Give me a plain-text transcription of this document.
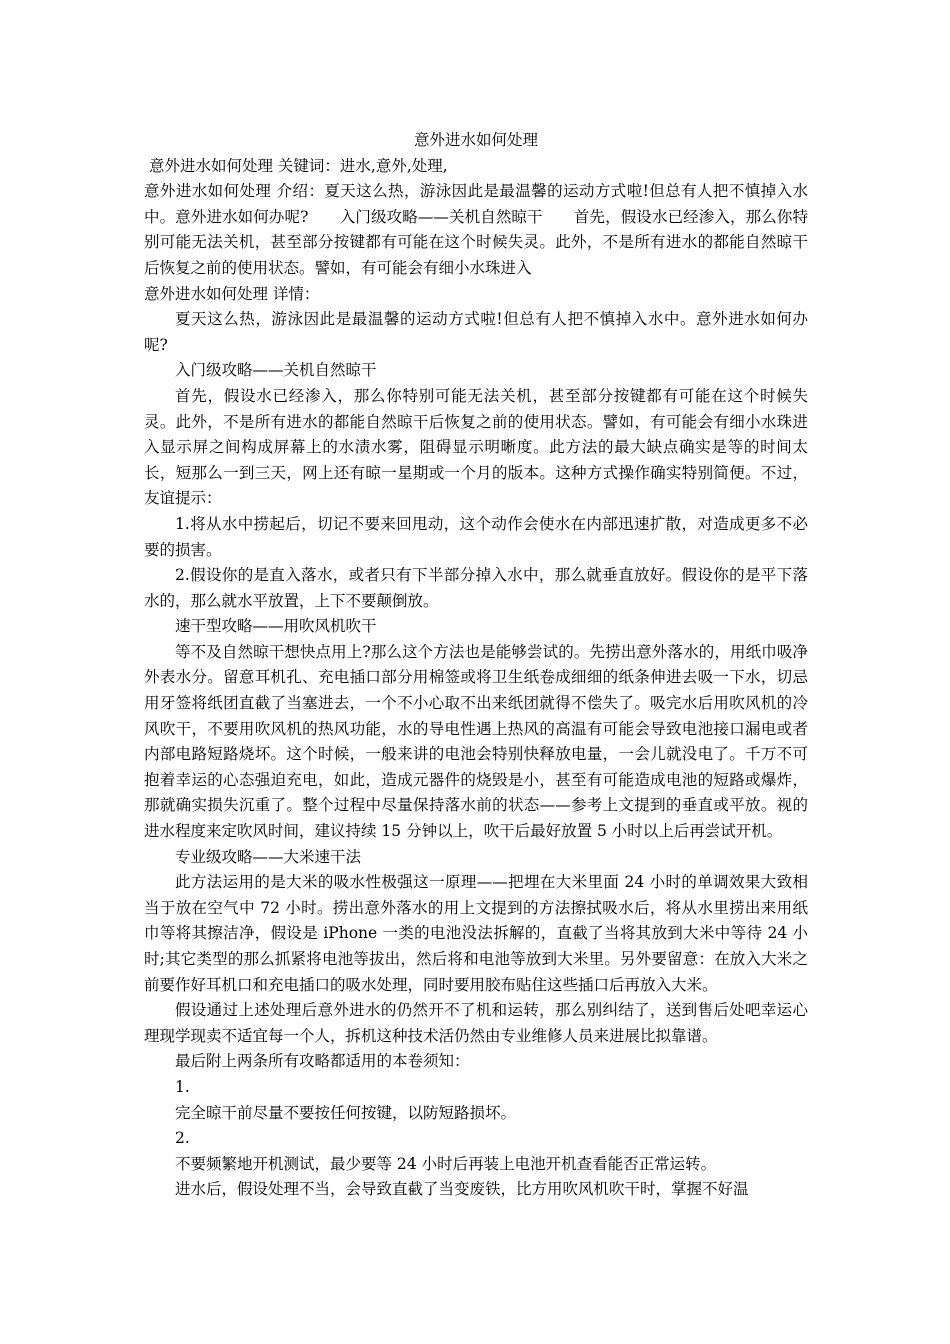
意外进水如何处理

意外进水如何处理 关键词：进水,意外,处理,

意外进水如何处理 介绍：夏天这么热，游泳因此是最温馨的运动方式啦!但总有人把不慎掉入水中。意外进水如何办呢?　　入门级攻略——关机自然晾干　　首先，假设水已经渗入，那么你特别可能无法关机，甚至部分按键都有可能在这个时候失灵。此外，不是所有进水的都能自然晾干后恢复之前的使用状态。譬如，有可能会有细小水珠进入

意外进水如何处理 详情：

夏天这么热，游泳因此是最温馨的运动方式啦!但总有人把不慎掉入水中。意外进水如何办呢?

入门级攻略——关机自然晾干

首先，假设水已经渗入，那么你特别可能无法关机，甚至部分按键都有可能在这个时候失灵。此外，不是所有进水的都能自然晾干后恢复之前的使用状态。譬如，有可能会有细小水珠进入显示屏之间构成屏幕上的水渍水雾，阻碍显示明晰度。此方法的最大缺点确实是等的时间太长，短那么一到三天，网上还有晾一星期或一个月的版本。这种方式操作确实特别简便。不过，友谊提示：

1.将从水中捞起后，切记不要来回甩动，这个动作会使水在内部迅速扩散，对造成更多不必要的损害。

2.假设你的是直入落水，或者只有下半部分掉入水中，那么就垂直放好。假设你的是平下落水的，那么就水平放置，上下不要颠倒放。

速干型攻略——用吹风机吹干

等不及自然晾干想快点用上?那么这个方法也是能够尝试的。先捞出意外落水的，用纸巾吸净外表水分。留意耳机孔、充电插口部分用棉签或将卫生纸卷成细细的纸条伸进去吸一下水，切忌用牙签将纸团直截了当塞进去，一个不小心取不出来纸团就得不偿失了。吸完水后用吹风机的冷风吹干，不要用吹风机的热风功能，水的导电性遇上热风的高温有可能会导致电池接口漏电或者内部电路短路烧坏。这个时候，一般来讲的电池会特别快释放电量，一会儿就没电了。千万不可抱着幸运的心态强迫充电，如此，造成元器件的烧毁是小，甚至有可能造成电池的短路或爆炸，那就确实损失沉重了。整个过程中尽量保持落水前的状态——参考上文提到的垂直或平放。视的进水程度来定吹风时间，建议持续 15 分钟以上，吹干后最好放置 5 小时以上后再尝试开机。

专业级攻略——大米速干法

此方法运用的是大米的吸水性极强这一原理——把埋在大米里面 24 小时的单调效果大致相当于放在空气中 72 小时。捞出意外落水的用上文提到的方法擦拭吸水后，将从水里捞出来用纸巾等将其擦洁净，假设是 iPhone 一类的电池没法拆解的，直截了当将其放到大米中等待 24 小时;其它类型的那么抓紧将电池等拔出，然后将和电池等放到大米里。另外要留意：在放入大米之前要作好耳机口和充电插口的吸水处理，同时要用胶布贴住这些插口后再放入大米。

假设通过上述处理后意外进水的仍然开不了机和运转，那么别纠结了，送到售后处吧幸运心理现学现卖不适宜每一个人，拆机这种技术活仍然由专业维修人员来进展比拟靠谱。

最后附上两条所有攻略都适用的本卷须知：

1.

完全晾干前尽量不要按任何按键，以防短路损坏。

2.

不要频繁地开机测试，最少要等 24 小时后再装上电池开机查看能否正常运转。

进水后，假设处理不当，会导致直截了当变废铁，比方用吹风机吹干时，掌握不好温
